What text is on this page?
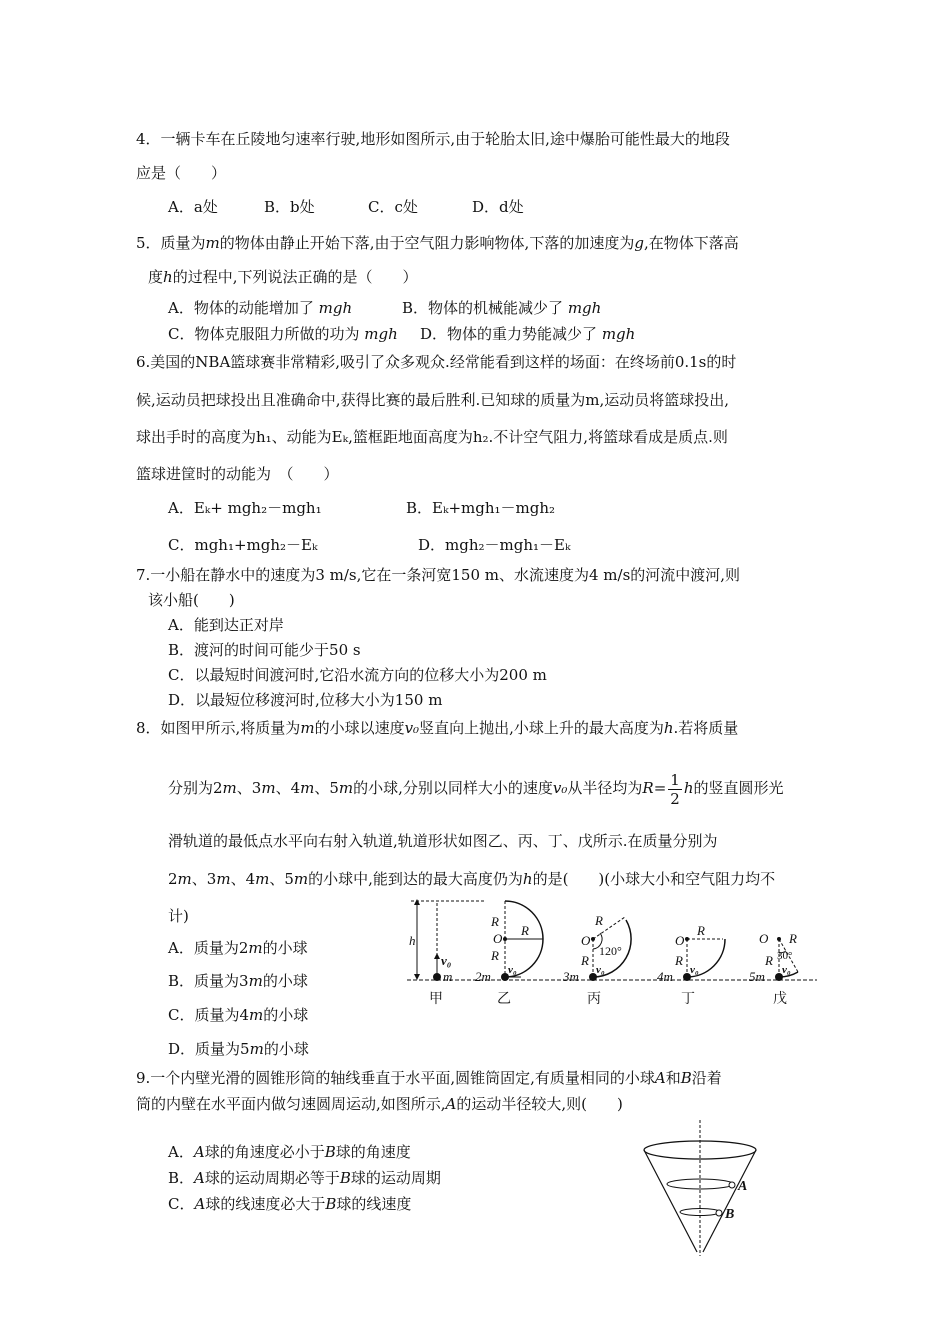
4．一辆卡车在丘陵地匀速率行驶,地形如图所示,由于轮胎太旧,途中爆胎可能性最大的地段
应是（　　）
A．a处	B．b处	C．c处	D．d处
5．质量为m的物体由静止开始下落,由于空气阻力影响物体,下落的加速度为g,在物体下落高
度h的过程中,下列说法正确的是（　　）
A．物体的动能增加了 mgh	B．物体的机械能减少了 mgh
C．物体克服阻力所做的功为 mgh D．物体的重力势能减少了 mgh
6.美国的NBA篮球赛非常精彩,吸引了众多观众.经常能看到这样的场面：在终场前0.1s的时
候,运动员把球投出且准确命中,获得比赛的最后胜利.已知球的质量为m,运动员将篮球投出,
球出手时的高度为h₁、动能为Eₖ,篮框距地面高度为h₂.不计空气阻力,将篮球看成是质点.则
篮球进筐时的动能为　（　　）
A．Eₖ+ mgh₂－mgh₁	B．Eₖ+mgh₁－mgh₂
C．mgh₁+mgh₂－Eₖ	D．mgh₂－mgh₁－Eₖ
7.一小船在静水中的速度为3 m/s,它在一条河宽150 m、水流速度为4 m/s的河流中渡河,则
该小船(　　)
A．能到达正对岸
B．渡河的时间可能少于50 s
C．以最短时间渡河时,它沿水流方向的位移大小为200 m
D．以最短位移渡河时,位移大小为150 m
8．如图甲所示,将质量为m的小球以速度v₀竖直向上抛出,小球上升的最大高度为h.若将质量
分别为2m、3m、4m、5m的小球,分别以同样大小的速度v₀从半径均为$R= \frac{1}{2}$ h的竖直圆形光
滑轨道的最低点水平向右射入轨道,轨道形状如图乙、丙、丁、戊所示.在质量分别为
2m、3m、4m、5m的小球中,能到达的最大高度仍为h的是(　　)(小球大小和空气阻力均不
计)
A．质量为2m的小球
B．质量为3m的小球
C．质量为4m的小球
D．质量为5m的小球
h
v₀
m
甲
R
O
R
R
v₀
2m
乙
O
R
R
120°
v₀
3m
丙
O
R
R
v₀
4m
丁
O R
R 30°
v₀
5m
戊
9.一个内壁光滑的圆锥形筒的轴线垂直于水平面,圆锥筒固定,有质量相同的小球A和B沿着
筒的内壁在水平面内做匀速圆周运动,如图所示,A的运动半径较大,则(　　)
A．A球的角速度必小于B球的角速度
B．A球的运动周期必等于B球的运动周期
C．A球的线速度必大于B球的线速度
A
B
